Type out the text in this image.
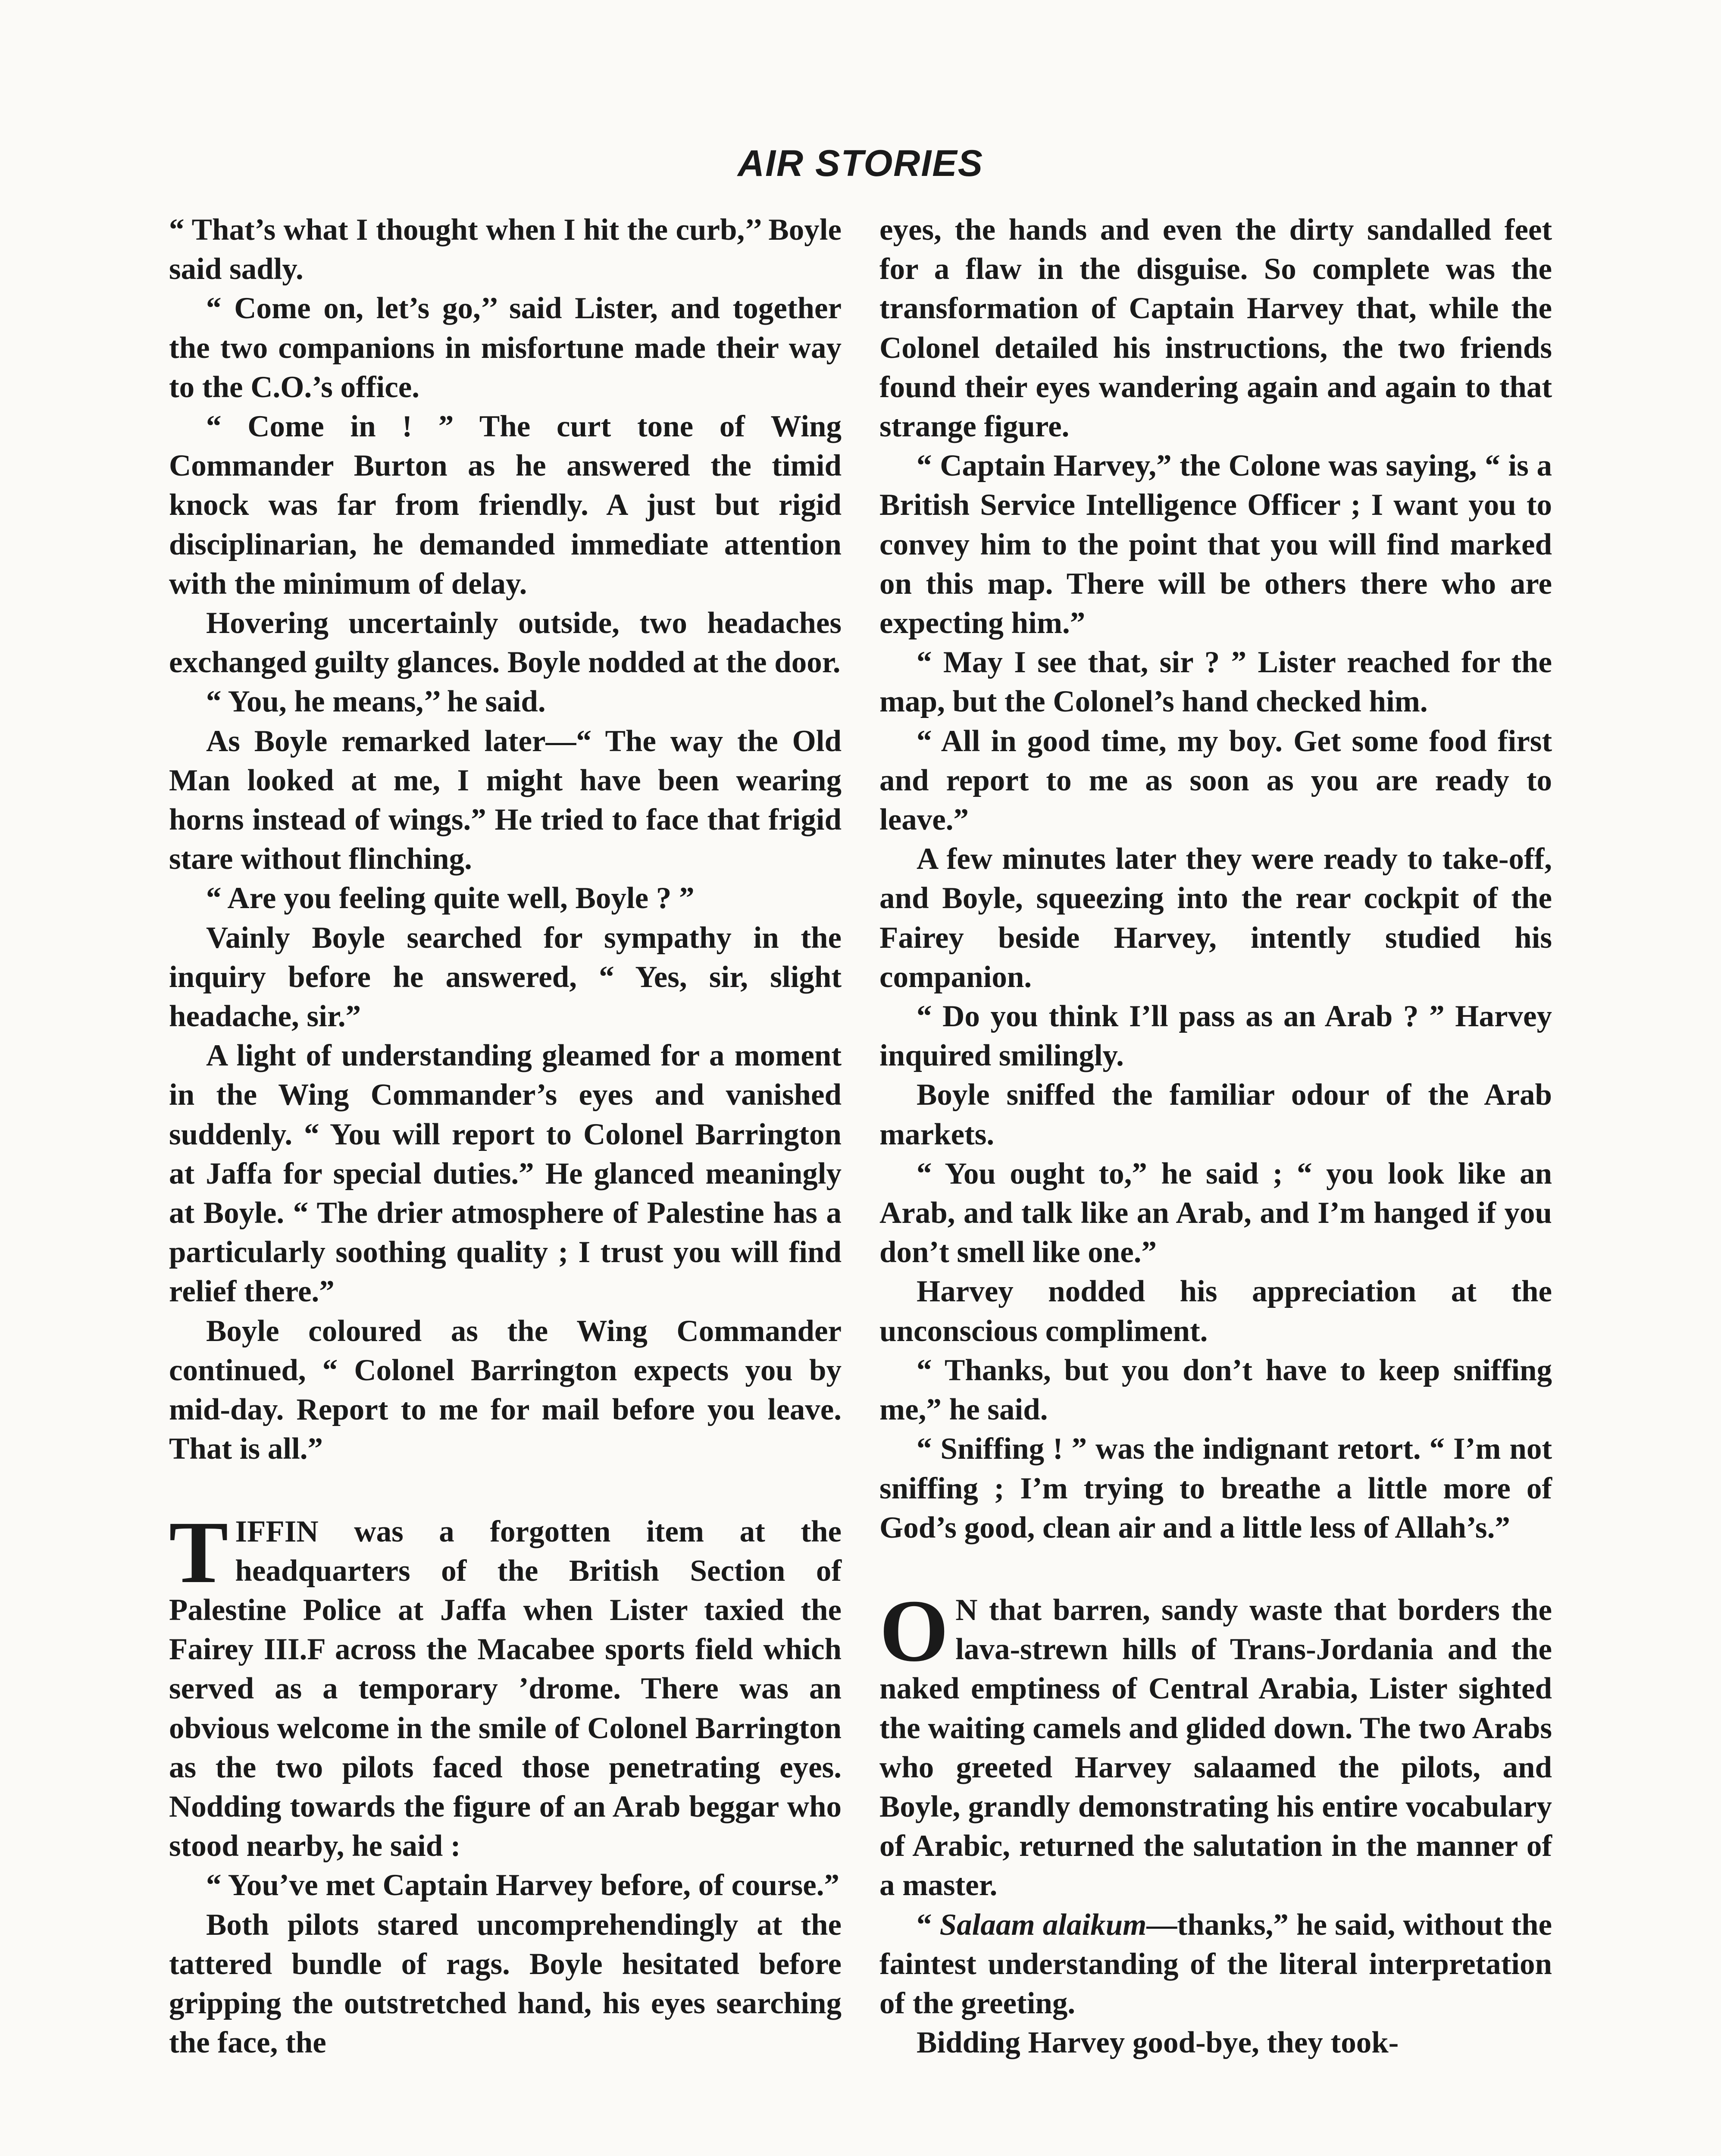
AIR STORIES

“ That’s what I thought when I hit the curb,’’ Boyle said sadly.

“ Come on, let’s go,’’ said Lister, and together the two companions in misfortune made their way to the C.O.’s office.

“ Come in ! ” The curt tone of Wing Commander Burton as he answered the timid knock was far from friendly. A just but rigid disciplinarian, he demanded immediate attention with the minimum of delay.

Hovering uncertainly outside, two headaches exchanged guilty glances. Boyle nodded at the door.

“ You, he means,’’ he said.

As Boyle remarked later—“ The way the Old Man looked at me, I might have been wearing horns instead of wings.” He tried to face that frigid stare without flinching.

“ Are you feeling quite well, Boyle ? ”

Vainly Boyle searched for sympathy in the inquiry before he answered, “ Yes, sir, slight headache, sir.”

A light of understanding gleamed for a moment in the Wing Commander’s eyes and vanished suddenly. “ You will report to Colonel Barrington at Jaffa for special duties.” He glanced meaningly at Boyle. “ The drier atmosphere of Palestine has a particularly soothing quality ; I trust you will find relief there.”

Boyle coloured as the Wing Commander continued, “ Colonel Barrington expects you by mid-day. Report to me for mail before you leave. That is all.”

TIFFIN was a forgotten item at the headquarters of the British Section of Palestine Police at Jaffa when Lister taxied the Fairey III.F across the Macabee sports field which served as a temporary ’drome. There was an obvious welcome in the smile of Colonel Barrington as the two pilots faced those penetrating eyes. Nodding towards the figure of an Arab beggar who stood nearby, he said :

“ You’ve met Captain Harvey before, of course.”

Both pilots stared uncomprehendingly at the tattered bundle of rags. Boyle hesitated before gripping the outstretched hand, his eyes searching the face, the

eyes, the hands and even the dirty sandalled feet for a flaw in the disguise. So complete was the transformation of Captain Harvey that, while the Colonel detailed his instructions, the two friends found their eyes wandering again and again to that strange figure.

“ Captain Harvey,” the Colone was saying, “ is a British Service Intelligence Officer ; I want you to convey him to the point that you will find marked on this map. There will be others there who are expecting him.”

“ May I see that, sir ? ” Lister reached for the map, but the Colonel’s hand checked him.

“ All in good time, my boy. Get some food first and report to me as soon as you are ready to leave.”

A few minutes later they were ready to take-off, and Boyle, squeezing into the rear cockpit of the Fairey beside Harvey, intently studied his companion.

“ Do you think I’ll pass as an Arab ? ” Harvey inquired smilingly.

Boyle sniffed the familiar odour of the Arab markets.

“ You ought to,” he said ; “ you look like an Arab, and talk like an Arab, and I’m hanged if you don’t smell like one.”

Harvey nodded his appreciation at the unconscious compliment.

“ Thanks, but you don’t have to keep sniffing me,” he said.

“ Sniffing ! ” was the indignant retort. “ I’m not sniffing ; I’m trying to breathe a little more of God’s good, clean air and a little less of Allah’s.”

O N that barren, sandy waste that borders the lava-strewn hills of Trans-Jordania and the naked emptiness of Central Arabia, Lister sighted the waiting camels and glided down. The two Arabs who greeted Harvey salaamed the pilots, and Boyle, grandly demonstrating his entire vocabulary of Arabic, returned the salutation in the manner of a master.

“ Salaam alaikum—thanks,” he said, without the faintest understanding of the literal interpretation of the greeting.

Bidding Harvey good-bye, they took-
